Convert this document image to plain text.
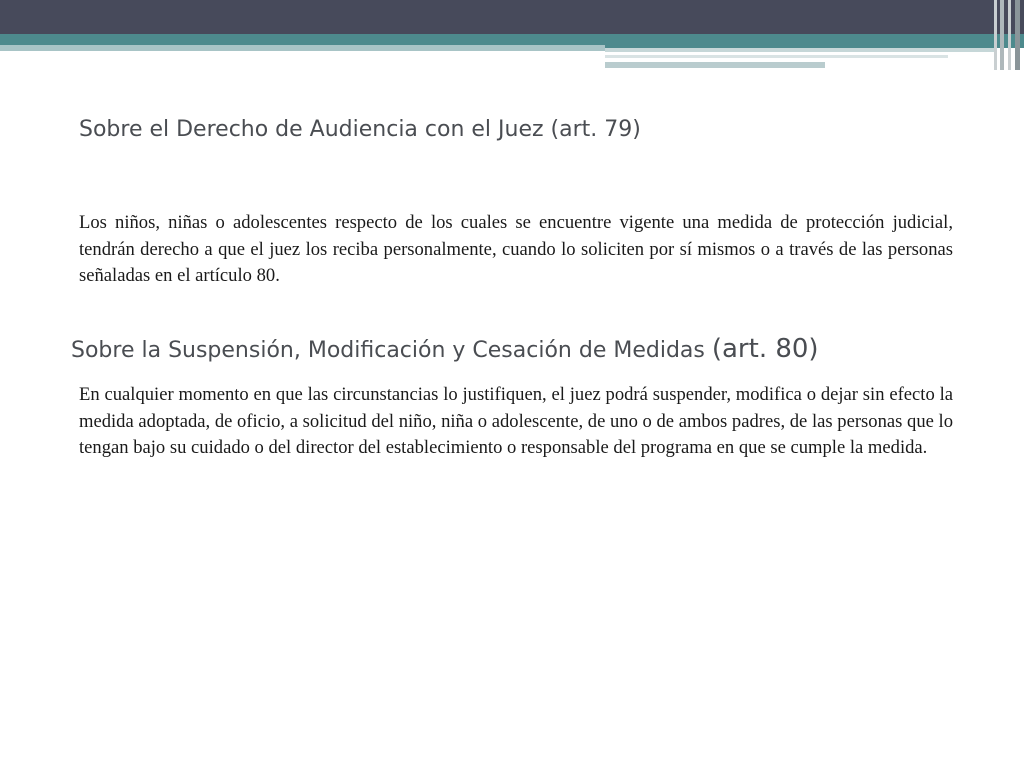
Sobre el Derecho de Audiencia con el Juez (art. 79)

Los niños, niñas o adolescentes respecto de los cuales se encuentre vigente una medida de protección judicial, tendrán derecho a que el juez los reciba personalmente, cuando lo soliciten por sí mismos o a través de las personas señaladas en el artículo 80.

Sobre la Suspensión, Modificación y Cesación de Medidas (art. 80)

En cualquier momento en que las circunstancias lo justifiquen, el juez podrá suspender, modifica o dejar sin efecto la medida adoptada, de oficio, a solicitud del niño, niña o adolescente, de uno o de ambos padres, de las personas que lo tengan bajo su cuidado o del director del establecimiento o responsable del programa en que se cumple la medida.
